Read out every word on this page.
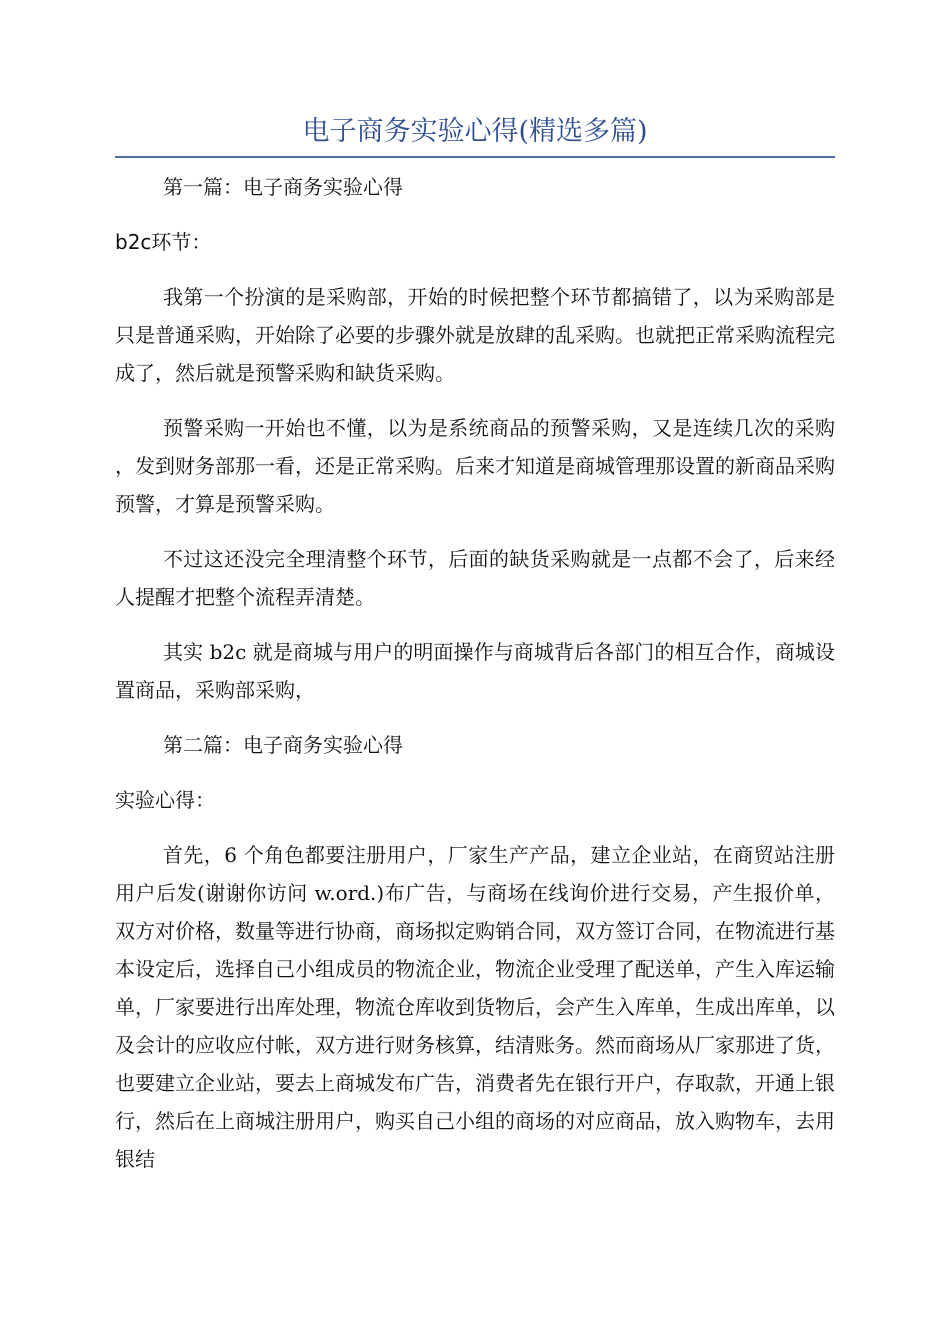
电子商务实验心得(精选多篇)

第一篇：电子商务实验心得

b2c环节：

我第一个扮演的是采购部，开始的时候把整个环节都搞错了，以为采购部是只是普通采购，开始除了必要的步骤外就是放肆的乱采购。也就把正常采购流程完成了，然后就是预警采购和缺货采购。

预警采购一开始也不懂，以为是系统商品的预警采购，又是连续几次的采购，发到财务部那一看，还是正常采购。后来才知道是商城管理那设置的新商品采购预警，才算是预警采购。

不过这还没完全理清整个环节，后面的缺货采购就是一点都不会了，后来经人提醒才把整个流程弄清楚。

其实 b2c 就是商城与用户的明面操作与商城背后各部门的相互合作，商城设置商品，采购部采购，

第二篇：电子商务实验心得

实验心得：

首先，6 个角色都要注册用户，厂家生产产品，建立企业站，在商贸站注册用户后发(谢谢你访问 w.ord.)布广告，与商场在线询价进行交易，产生报价单，双方对价格，数量等进行协商，商场拟定购销合同，双方签订合同，在物流进行基本设定后，选择自己小组成员的物流企业，物流企业受理了配送单，产生入库运输单，厂家要进行出库处理，物流仓库收到货物后，会产生入库单，生成出库单，以及会计的应收应付帐，双方进行财务核算，结清账务。然而商场从厂家那进了货，也要建立企业站，要去上商城发布广告，消费者先在银行开户，存取款，开通上银行，然后在上商城注册用户，购买自己小组的商场的对应商品，放入购物车，去用银结
